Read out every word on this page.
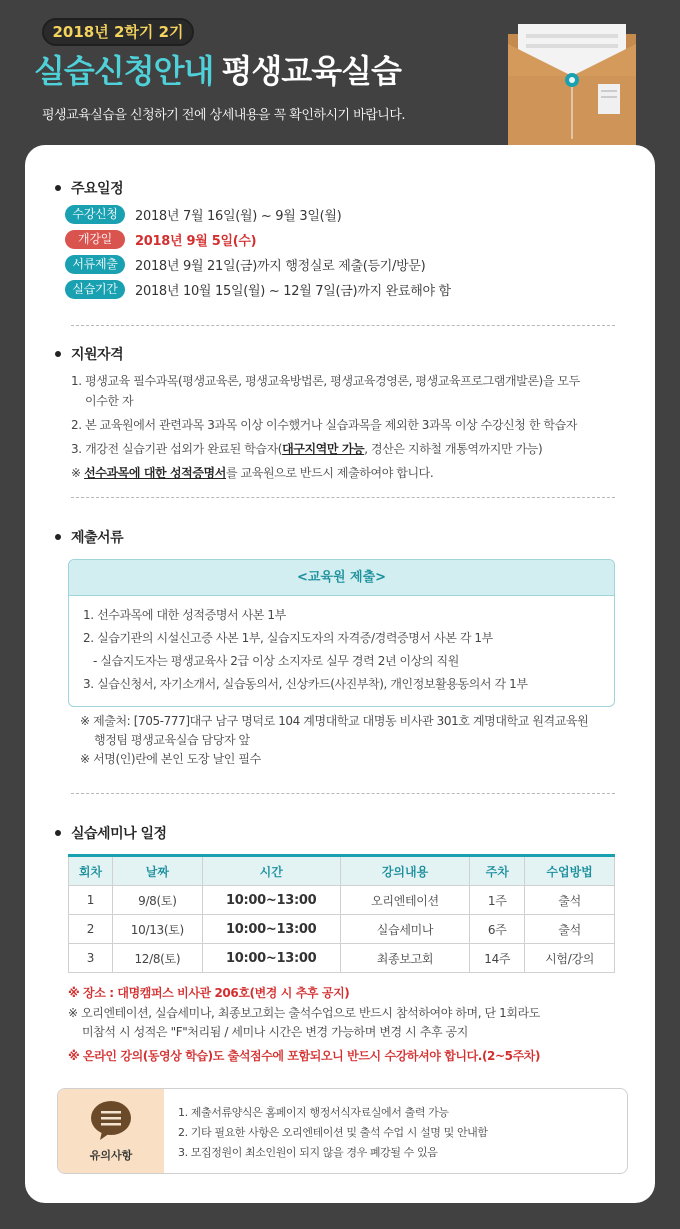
2018년 2학기 2기
실습신청안내 평생교육실습
평생교육실습을 신청하기 전에 상세내용을 꼭 확인하시기 바랍니다.
주요일정
수강신청 2018년 7월 16일(월) ~ 9월 3일(월)
개강일 2018년 9월 5일(수)
서류제출 2018년 9월 21일(금)까지 행정실로 제출(등기/방문)
실습기간 2018년 10월 15일(월) ~ 12월 7일(금)까지 완료해야 함
지원자격
1. 평생교육 필수과목(평생교육론, 평생교육방법론, 평생교육경영론, 평생교육프로그램개발론)을 모두
이수한 자
2. 본 교육원에서 관련과목 3과목 이상 이수했거나 실습과목을 제외한 3과목 이상 수강신청 한 학습자
3. 개강전 실습기관 섭외가 완료된 학습자(대구지역만 가능, 경산은 지하철 개통역까지만 가능)
※ 선수과목에 대한 성적증명서를 교육원으로 반드시 제출하여야 합니다.
제출서류
<교육원 제출>
1. 선수과목에 대한 성적증명서 사본 1부
2. 실습기관의 시설신고증 사본 1부, 실습지도자의 자격증/경력증명서 사본 각 1부
- 실습지도자는 평생교육사 2급 이상 소지자로 실무 경력 2년 이상의 직원
3. 실습신청서, 자기소개서, 실습동의서, 신상카드(사진부착), 개인정보활용동의서 각 1부
※ 제출처: [705-777]대구 남구 명덕로 104 계명대학교 대명동 비사관 301호 계명대학교 원격교육원
행정팀 평생교육실습 담당자 앞
※ 서명(인)란에 본인 도장 날인 필수
실습세미나 일정
회차	날짜	시간	강의내용	주차	수업방법
1	9/8(토)	10:00~13:00	오리엔테이션	1주	출석
2	10/13(토)	10:00~13:00	실습세미나	6주	출석
3	12/8(토)	10:00~13:00	최종보고회	14주	시험/강의
※ 장소 : 대명캠퍼스 비사관 206호(변경 시 추후 공지)
※ 오리엔테이션, 실습세미나, 최종보고회는 출석수업으로 반드시 참석하여야 하며, 단 1회라도
미참석 시 성적은 "F"처리됨 / 세미나 시간은 변경 가능하며 변경 시 추후 공지
※ 온라인 강의(동영상 학습)도 출석점수에 포함되오니 반드시 수강하셔야 합니다.(2~5주차)
유의사항
1. 제출서류양식은 홈페이지 행정서식자료실에서 출력 가능
2. 기타 필요한 사항은 오리엔테이션 및 출석 수업 시 설명 및 안내함
3. 모집정원이 최소인원이 되지 않을 경우 폐강될 수 있음
